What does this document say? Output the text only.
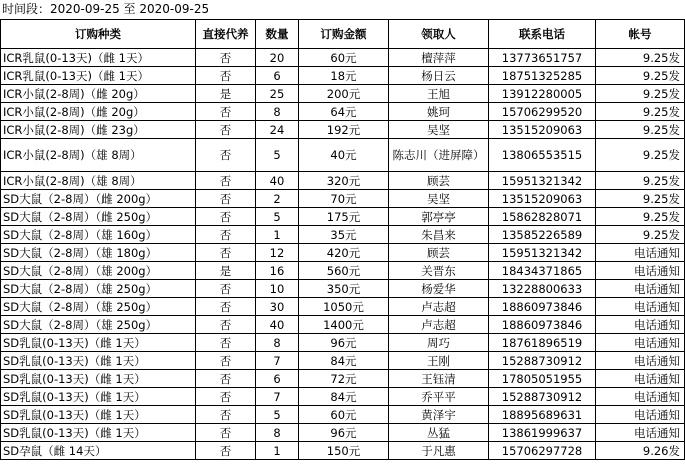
时间段：2020-09-25 至 2020-09-25
订购种类	直接代养	数量	订购金额	领取人	联系电话	帐号
ICR乳鼠(0-13天)（雌 1天）	否	20	60元	檀萍萍	13773651757	9.25发
ICR乳鼠(0-13天)（雌 1天）	否	6	18元	杨日云	18751325285	9.25发
ICR小鼠(2-8周)（雌 20g）	是	25	200元	王旭	13912280005	9.25发
ICR小鼠(2-8周)（雌 20g）	否	8	64元	姚珂	15706299520	9.25发
ICR小鼠(2-8周)（雌 23g）	否	24	192元	吴坚	13515209063	9.25发
ICR小鼠(2-8周)（雄 8周）	否	5	40元	陈志川（进屏障）	13806553515	9.25发
ICR小鼠(2-8周)（雄 8周）	否	40	320元	顾芸	15951321342	9.25发
SD大鼠（2-8周）（雌 200g）	否	2	70元	吴坚	13515209063	9.25发
SD大鼠（2-8周）（雌 250g）	否	5	175元	郭亭亭	15862828071	9.25发
SD大鼠（2-8周）（雄 160g）	否	1	35元	朱昌来	13585226589	9.25发
SD大鼠（2-8周）（雄 180g）	否	12	420元	顾芸	15951321342	电话通知
SD大鼠（2-8周）（雄 200g）	是	16	560元	关晋东	18434371865	电话通知
SD大鼠（2-8周）（雄 250g）	否	10	350元	杨爱华	13228800633	电话通知
SD大鼠（2-8周）（雄 250g）	否	30	1050元	卢志超	18860973846	电话通知
SD大鼠（2-8周）（雄 250g）	否	40	1400元	卢志超	18860973846	电话通知
SD乳鼠(0-13天)（雌 1天）	否	8	96元	周巧	18761896519	电话通知
SD乳鼠(0-13天)（雌 1天）	否	7	84元	王刚	15288730912	电话通知
SD乳鼠(0-13天)（雌 1天）	否	6	72元	王钰清	17805051955	电话通知
SD乳鼠(0-13天)（雌 1天）	否	7	84元	乔平平	15288730912	电话通知
SD乳鼠(0-13天)（雌 1天）	否	5	60元	黄泽宇	18895689631	电话通知
SD乳鼠(0-13天)（雌 1天）	否	8	96元	丛猛	13861999637	电话通知
SD孕鼠（雌 14天）	否	1	150元	于凡惠	15706297728	9.26发
